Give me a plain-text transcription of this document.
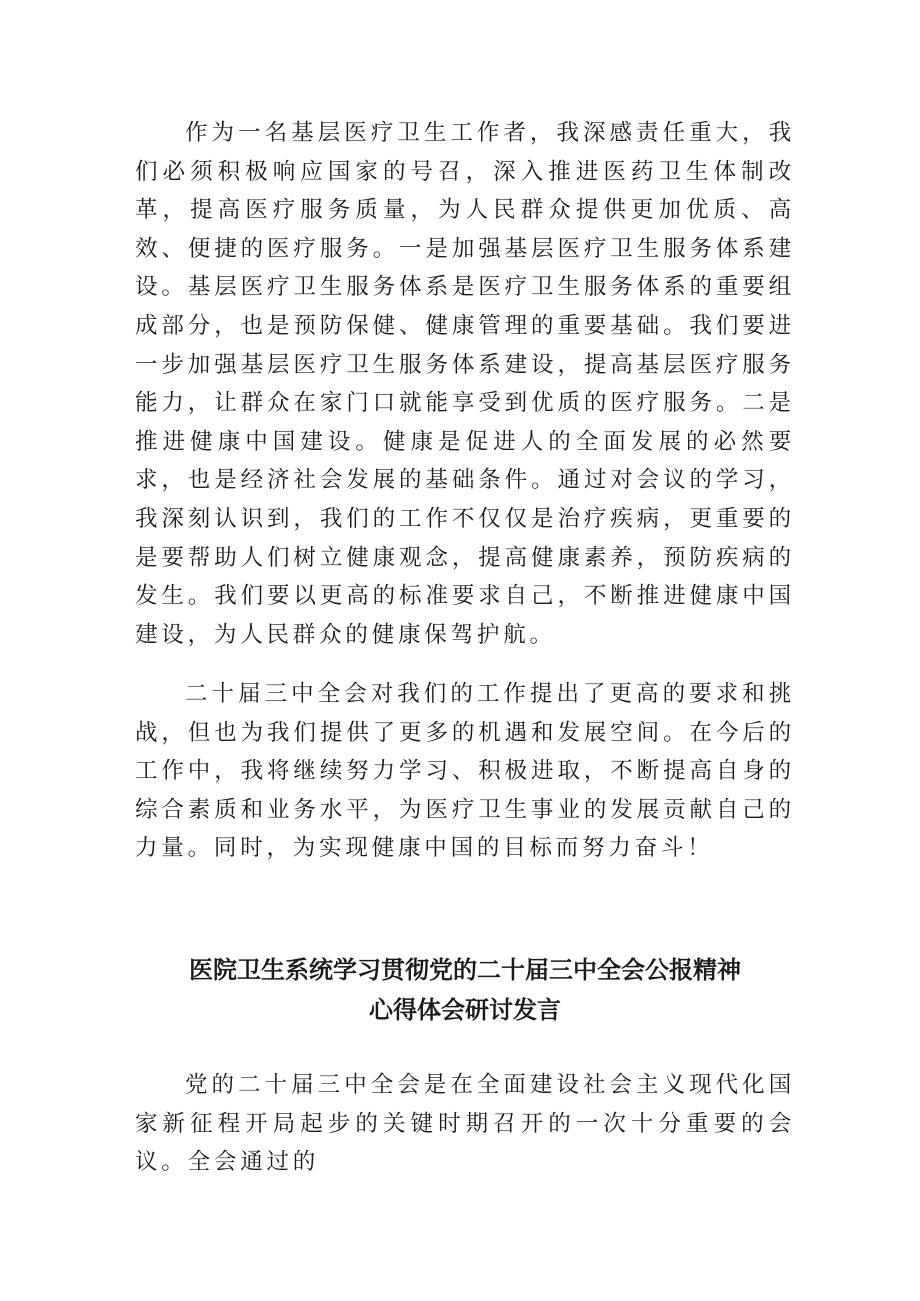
作为一名基层医疗卫生工作者，我深感责任重大，我们必须积极响应国家的号召，深入推进医药卫生体制改革，提高医疗服务质量，为人民群众提供更加优质、高效、便捷的医疗服务。一是加强基层医疗卫生服务体系建设。基层医疗卫生服务体系是医疗卫生服务体系的重要组成部分，也是预防保健、健康管理的重要基础。我们要进一步加强基层医疗卫生服务体系建设，提高基层医疗服务能力，让群众在家门口就能享受到优质的医疗服务。二是推进健康中国建设。健康是促进人的全面发展的必然要求，也是经济社会发展的基础条件。通过对会议的学习，我深刻认识到，我们的工作不仅仅是治疗疾病，更重要的是要帮助人们树立健康观念，提高健康素养，预防疾病的发生。我们要以更高的标准要求自己，不断推进健康中国建设，为人民群众的健康保驾护航。

二十届三中全会对我们的工作提出了更高的要求和挑战，但也为我们提供了更多的机遇和发展空间。在今后的工作中，我将继续努力学习、积极进取，不断提高自身的综合素质和业务水平，为医疗卫生事业的发展贡献自己的力量。同时，为实现健康中国的目标而努力奋斗！

医院卫生系统学习贯彻党的二十届三中全会公报精神
心得体会研讨发言

党的二十届三中全会是在全面建设社会主义现代化国家新征程开局起步的关键时期召开的一次十分重要的会议。全会通过的
